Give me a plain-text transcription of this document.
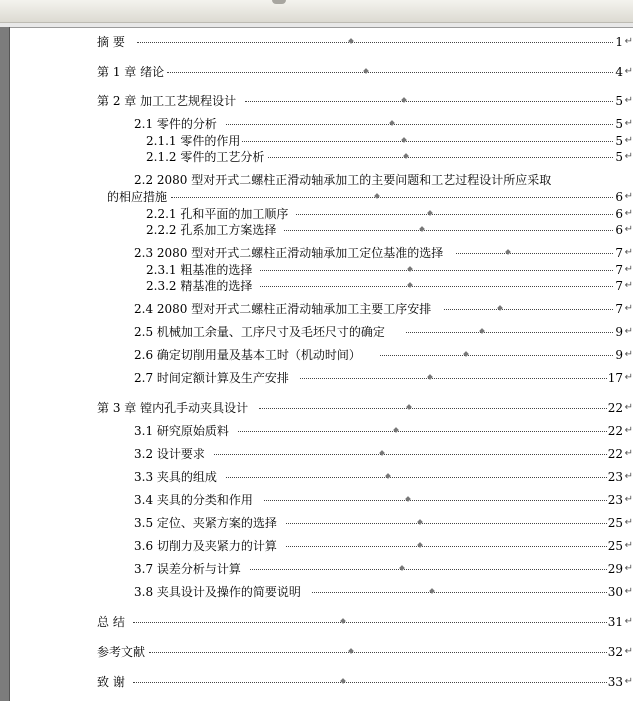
摘 要	1 ↵
第 1 章 绪论	4 ↵
第 2 章 加工工艺规程设计	5 ↵
2.1 零件的分析	5 ↵
2.1.1 零件的作用	5 ↵
2.1.2 零件的工艺分析	5 ↵
2.2 2080 型对开式二螺柱正滑动轴承加工的主要问题和工艺过程设计所应采取
的相应措施	6 ↵
2.2.1 孔和平面的加工顺序	6 ↵
2.2.2 孔系加工方案选择	6 ↵
2.3 2080 型对开式二螺柱正滑动轴承加工定位基准的选择	7 ↵
2.3.1 粗基准的选择	7 ↵
2.3.2 精基准的选择	7 ↵
2.4 2080 型对开式二螺柱正滑动轴承加工主要工序安排	7 ↵
2.5 机械加工余量、工序尺寸及毛坯尺寸的确定	9 ↵
2.6 确定切削用量及基本工时（机动时间）	9 ↵
2.7 时间定额计算及生产安排	17 ↵
第 3 章 镗内孔手动夹具设计	22 ↵
3.1 研究原始质料	22 ↵
3.2 设计要求	22 ↵
3.3 夹具的组成	23 ↵
3.4 夹具的分类和作用	23 ↵
3.5 定位、夹紧方案的选择	25 ↵
3.6 切削力及夹紧力的计算	25 ↵
3.7 误差分析与计算	29 ↵
3.8 夹具设计及操作的简要说明	30 ↵
总 结	31 ↵
参考文献	32 ↵
致 谢	33 ↵
